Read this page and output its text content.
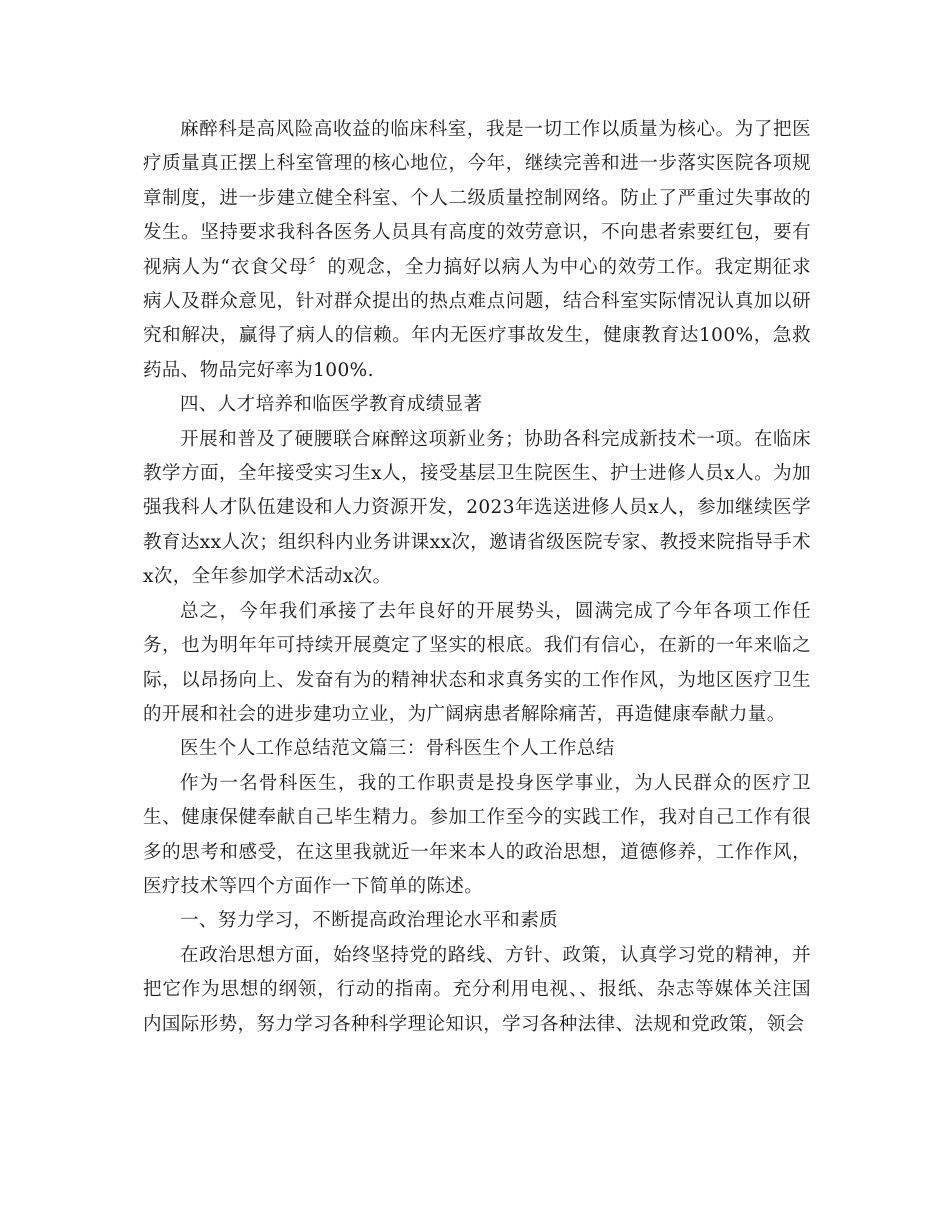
麻醉科是高风险高收益的临床科室，我是一切工作以质量为核心。为了把医疗质量真正摆上科室管理的核心地位，今年，继续完善和进一步落实医院各项规章制度，进一步建立健全科室、个人二级质量控制网络。防止了严重过失事故的发生。坚持要求我科各医务人员具有高度的效劳意识，不向患者索要红包，要有视病人为“衣食父母〞的观念，全力搞好以病人为中心的效劳工作。我定期征求病人及群众意见，针对群众提出的热点难点问题，结合科室实际情况认真加以研究和解决，赢得了病人的信赖。年内无医疗事故发生，健康教育达100%，急救药品、物品完好率为100%.

四、人才培养和临医学教育成绩显著

开展和普及了硬腰联合麻醉这项新业务；协助各科完成新技术一项。在临床教学方面，全年接受实习生x人，接受基层卫生院医生、护士进修人员x人。为加强我科人才队伍建设和人力资源开发，2023年选送进修人员x人，参加继续医学教育达xx人次；组织科内业务讲课xx次，邀请省级医院专家、教授来院指导手术x次，全年参加学术活动x次。

总之，今年我们承接了去年良好的开展势头，圆满完成了今年各项工作任务，也为明年年可持续开展奠定了坚实的根底。我们有信心，在新的一年来临之际，以昂扬向上、发奋有为的精神状态和求真务实的工作作风，为地区医疗卫生的开展和社会的进步建功立业，为广阔病患者解除痛苦，再造健康奉献力量。

医生个人工作总结范文篇三：骨科医生个人工作总结

作为一名骨科医生，我的工作职责是投身医学事业，为人民群众的医疗卫生、健康保健奉献自己毕生精力。参加工作至今的实践工作，我对自己工作有很多的思考和感受，在这里我就近一年来本人的政治思想，道德修养，工作作风，医疗技术等四个方面作一下简单的陈述。

一、努力学习，不断提高政治理论水平和素质

在政治思想方面，始终坚持党的路线、方针、政策，认真学习党的精神，并把它作为思想的纲领，行动的指南。充分利用电视、、报纸、杂志等媒体关注国内国际形势，努力学习各种科学理论知识，学习各种法律、法规和党政策，领会
